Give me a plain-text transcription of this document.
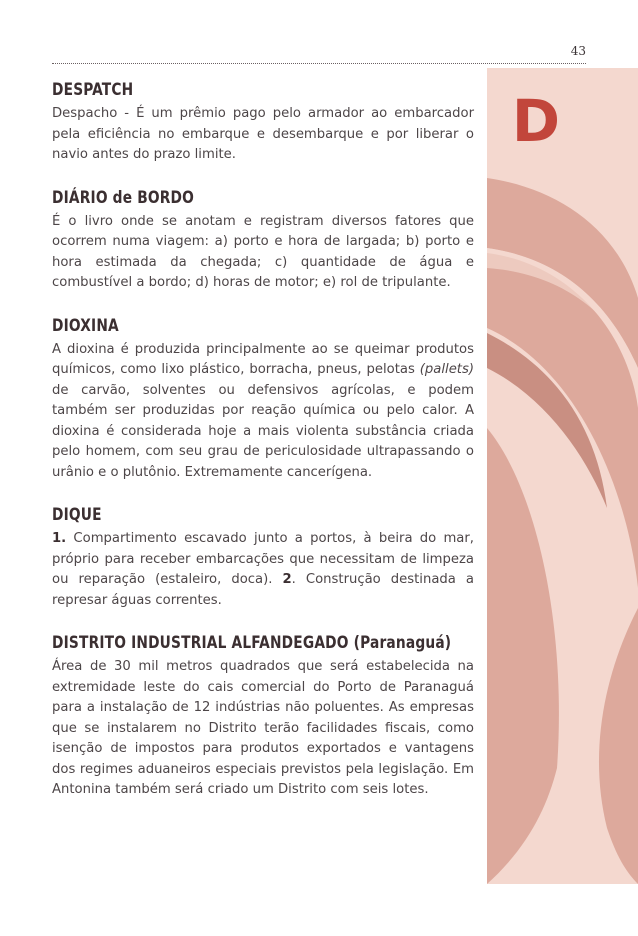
43
D
DESPATCH

Despacho - É um prêmio pago pelo armador ao embarcador pela eficiência no embarque e desembarque e por liberar o navio antes do prazo limite.

DIÁRIO de BORDO

É o livro onde se anotam e registram diversos fatores que ocorrem numa viagem: a) porto e hora de largada; b) porto e hora estimada da chegada; c) quantidade de água e combustível a bordo; d) horas de motor; e) rol de tripulante.

DIOXINA

A dioxina é produzida principalmente ao se queimar produtos químicos, como lixo plástico, borracha, pneus, pelotas (pallets) de carvão, solventes ou defensivos agrícolas, e podem também ser produzidas por reação química ou pelo calor. A dioxina é considerada hoje a mais violenta substância criada pelo homem, com seu grau de periculosidade ultrapassando o urânio e o plutônio. Extremamente cancerígena.

DIQUE

1. Compartimento escavado junto a portos, à beira do mar, próprio para receber embarcações que necessitam de limpeza ou reparação (estaleiro, doca). 2. Construção destinada a represar águas correntes.

DISTRITO INDUSTRIAL ALFANDEGADO (Paranaguá)

Área de 30 mil metros quadrados que será estabelecida na extremidade leste do cais comercial do Porto de Paranaguá para a instalação de 12 indústrias não poluentes. As empresas que se instalarem no Distrito terão facilidades fiscais, como isenção de impostos para produtos exportados e vantagens dos regimes aduaneiros especiais previstos pela legislação. Em Antonina também será criado um Distrito com seis lotes.
